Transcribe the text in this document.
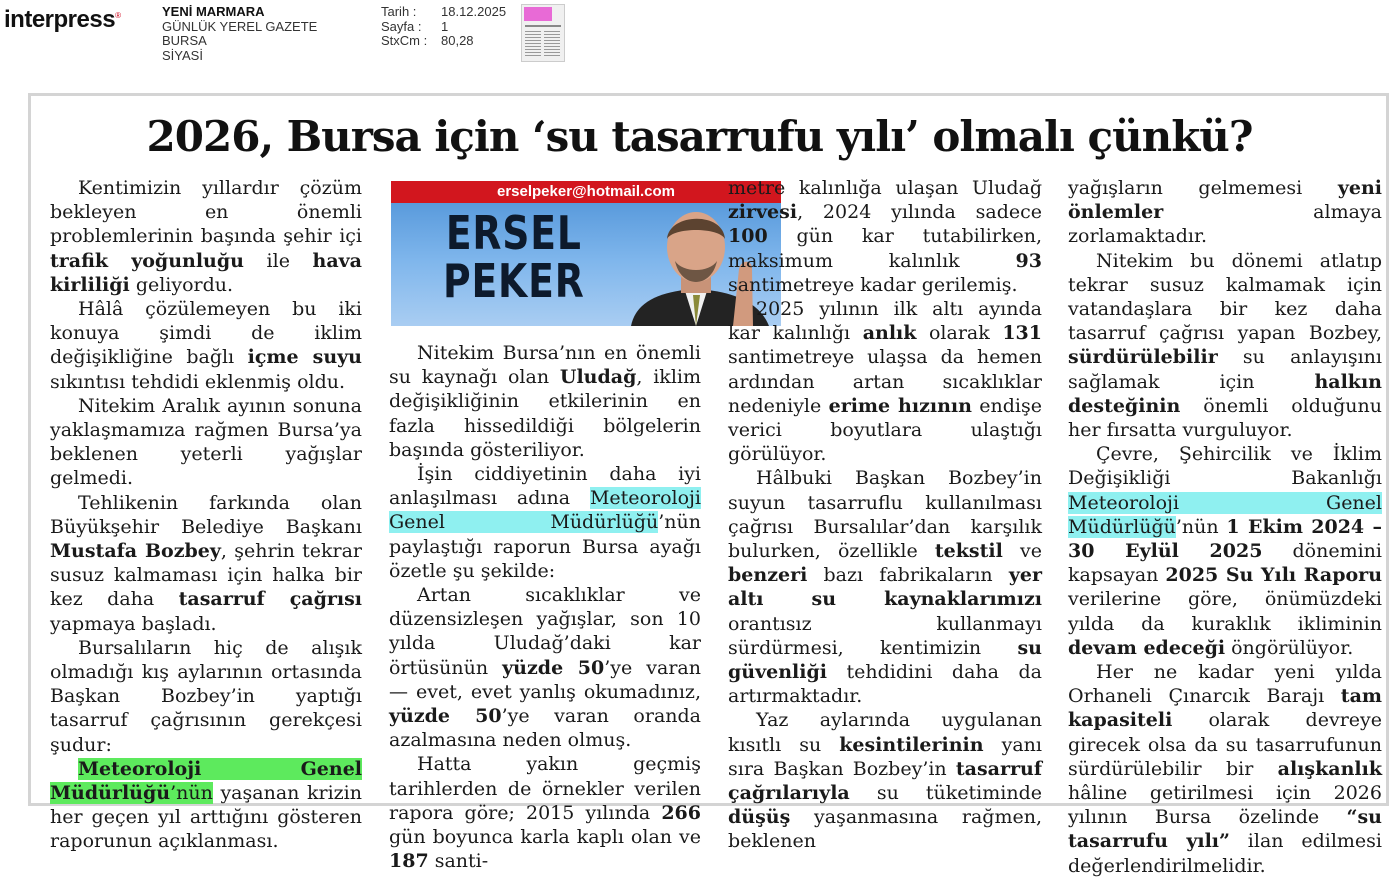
interpress®	YENİ MARMARA
GÜNLÜK YEREL GAZETE
BURSA
SİYASİ
Tarih :	18.12.2025
Sayfa :	1
StxCm :	80,28
2026, Bursa için ‘su tasarrufu yılı’ olmalı çünkü?

Kentimizin yıllardır çözüm bekleyen en önemli problemlerinin başında şehir içi trafik yoğunluğu ile hava kirliliği geliyordu.

Hâlâ çözülemeyen bu iki konuya şimdi de iklim değişikliğine bağlı içme suyu sıkıntısı tehdidi eklenmiş oldu.

Nitekim Aralık ayının sonuna yaklaşmamıza rağmen Bursa’ya beklenen yeterli yağışlar gelmedi.

Tehlikenin farkında olan Büyükşehir Belediye Başkanı Mustafa Bozbey, şehrin tekrar susuz kalmaması için halka bir kez daha tasarruf çağrısı yapmaya başladı.

Bursalıların hiç de alışık olmadığı kış aylarının ortasında Başkan Bozbey’in yaptığı tasarruf çağrısının gerekçesi şudur:

Meteoroloji Genel Müdürlüğü’nün yaşanan krizin her geçen yıl arttığını gösteren raporunun açıklanması.

erselpeker@hotmail.com
ERSEL
PEKER

Nitekim Bursa’nın en önemli su kaynağı olan Uludağ, iklim değişikliğinin etkilerinin en fazla hissedildiği bölgelerin başında gösteriliyor.

İşin ciddiyetinin daha iyi anlaşılması adına Meteoroloji Genel Müdürlüğü’nün paylaştığı raporun Bursa ayağı özetle şu şekilde:

Artan sıcaklıklar ve düzensizleşen yağışlar, son 10 yılda Uludağ’daki kar örtüsünün yüzde 50’ye varan — evet, evet yanlış okumadınız, yüzde 50’ye varan oranda azalmasına neden olmuş.

Hatta yakın geçmiş tarihlerden de örnekler verilen rapora göre; 2015 yılında 266 gün boyunca karla kaplı olan ve 187 santi-

metre kalınlığa ulaşan Uludağ zirvesi, 2024 yılında sadece 100 gün kar tutabilirken, maksimum kalınlık 93 santimetreye kadar gerilemiş.

2025 yılının ilk altı ayında kar kalınlığı anlık olarak 131 santimetreye ulaşsa da hemen ardından artan sıcaklıklar nedeniyle erime hızının endişe verici boyutlara ulaştığı görülüyor.

Hâlbuki Başkan Bozbey’in suyun tasarruflu kullanılması çağrısı Bursalılar’dan karşılık bulurken, özellikle tekstil ve benzeri bazı fabrikaların yer altı su kaynaklarımızı orantısız kullanmayı sürdürmesi, kentimizin su güvenliği tehdidini daha da artırmaktadır.

Yaz aylarında uygulanan kısıtlı su kesintilerinin yanı sıra Başkan Bozbey’in tasarruf çağrılarıyla su tüketiminde düşüş yaşanmasına rağmen, beklenen

yağışların gelmemesi yeni önlemler almaya zorlamaktadır.

Nitekim bu dönemi atlatıp tekrar susuz kalmamak için vatandaşlara bir kez daha tasarruf çağrısı yapan Bozbey, sürdürülebilir su anlayışını sağlamak için halkın desteğinin önemli olduğunu her fırsatta vurguluyor.

Çevre, Şehircilik ve İklim Değişikliği Bakanlığı Meteoroloji Genel Müdürlüğü’nün 1 Ekim 2024 – 30 Eylül 2025 dönemini kapsayan 2025 Su Yılı Raporu verilerine göre, önümüzdeki yılda da kuraklık ikliminin devam edeceği öngörülüyor.

Her ne kadar yeni yılda Orhaneli Çınarcık Barajı tam kapasiteli olarak devreye girecek olsa da su tasarrufunun sürdürülebilir bir alışkanlık hâline getirilmesi için 2026 yılının Bursa özelinde “su tasarrufu yılı” ilan edilmesi değerlendirilmelidir.
